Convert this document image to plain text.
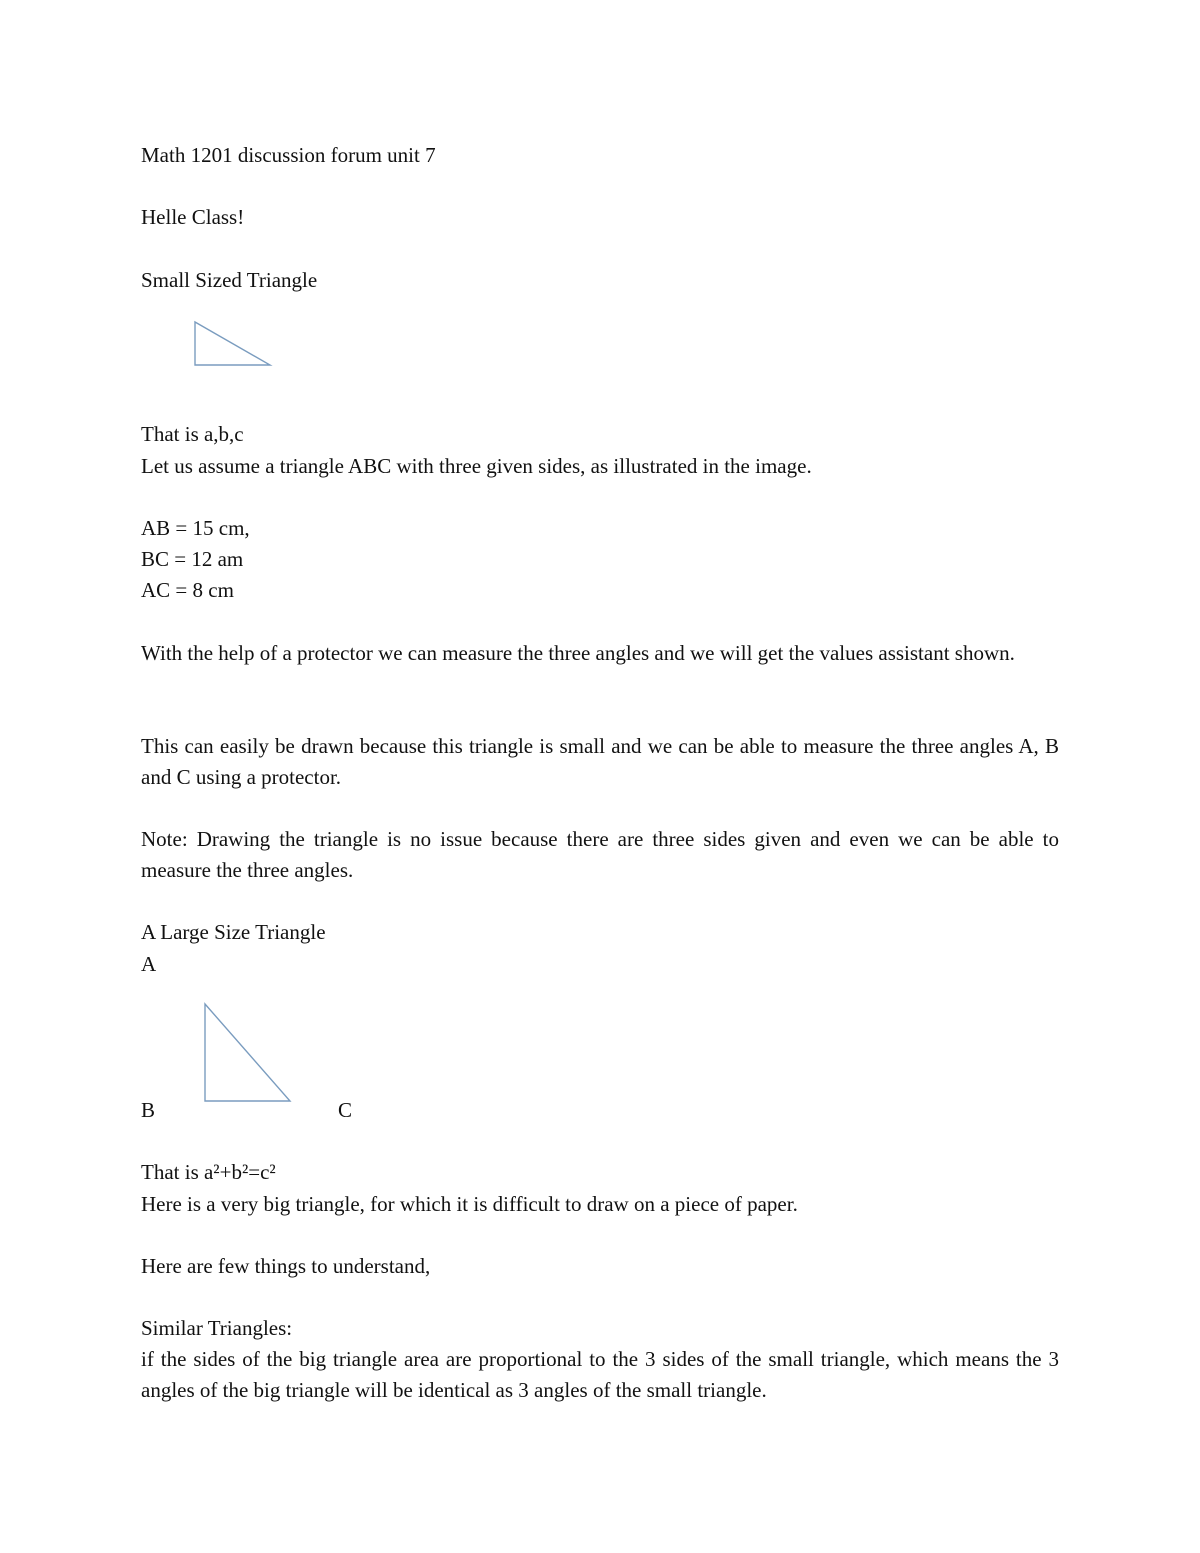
Math 1201 discussion forum unit 7

Helle Class!

Small Sized Triangle

That is a,b,c

Let us assume a triangle ABC with three given sides, as illustrated in the image.

AB = 15 cm,

BC = 12 am

AC = 8 cm

With the help of a protector we can measure the three angles and we will get the values assistant shown.

This can easily be drawn because this triangle is small and we can be able to measure the three angles A, B and C using a protector.

Note: Drawing the triangle is no issue because there are three sides given and even we can be able to measure the three angles.

A Large Size Triangle

A

B	C

That is a²+b²=c²

Here is a very big triangle, for which it is difficult to draw on a piece of paper.

Here are few things to understand,

Similar Triangles:

if the sides of the big triangle area are proportional to the 3 sides of the small triangle, which means the 3 angles of the big triangle will be identical as 3 angles of the small triangle.
